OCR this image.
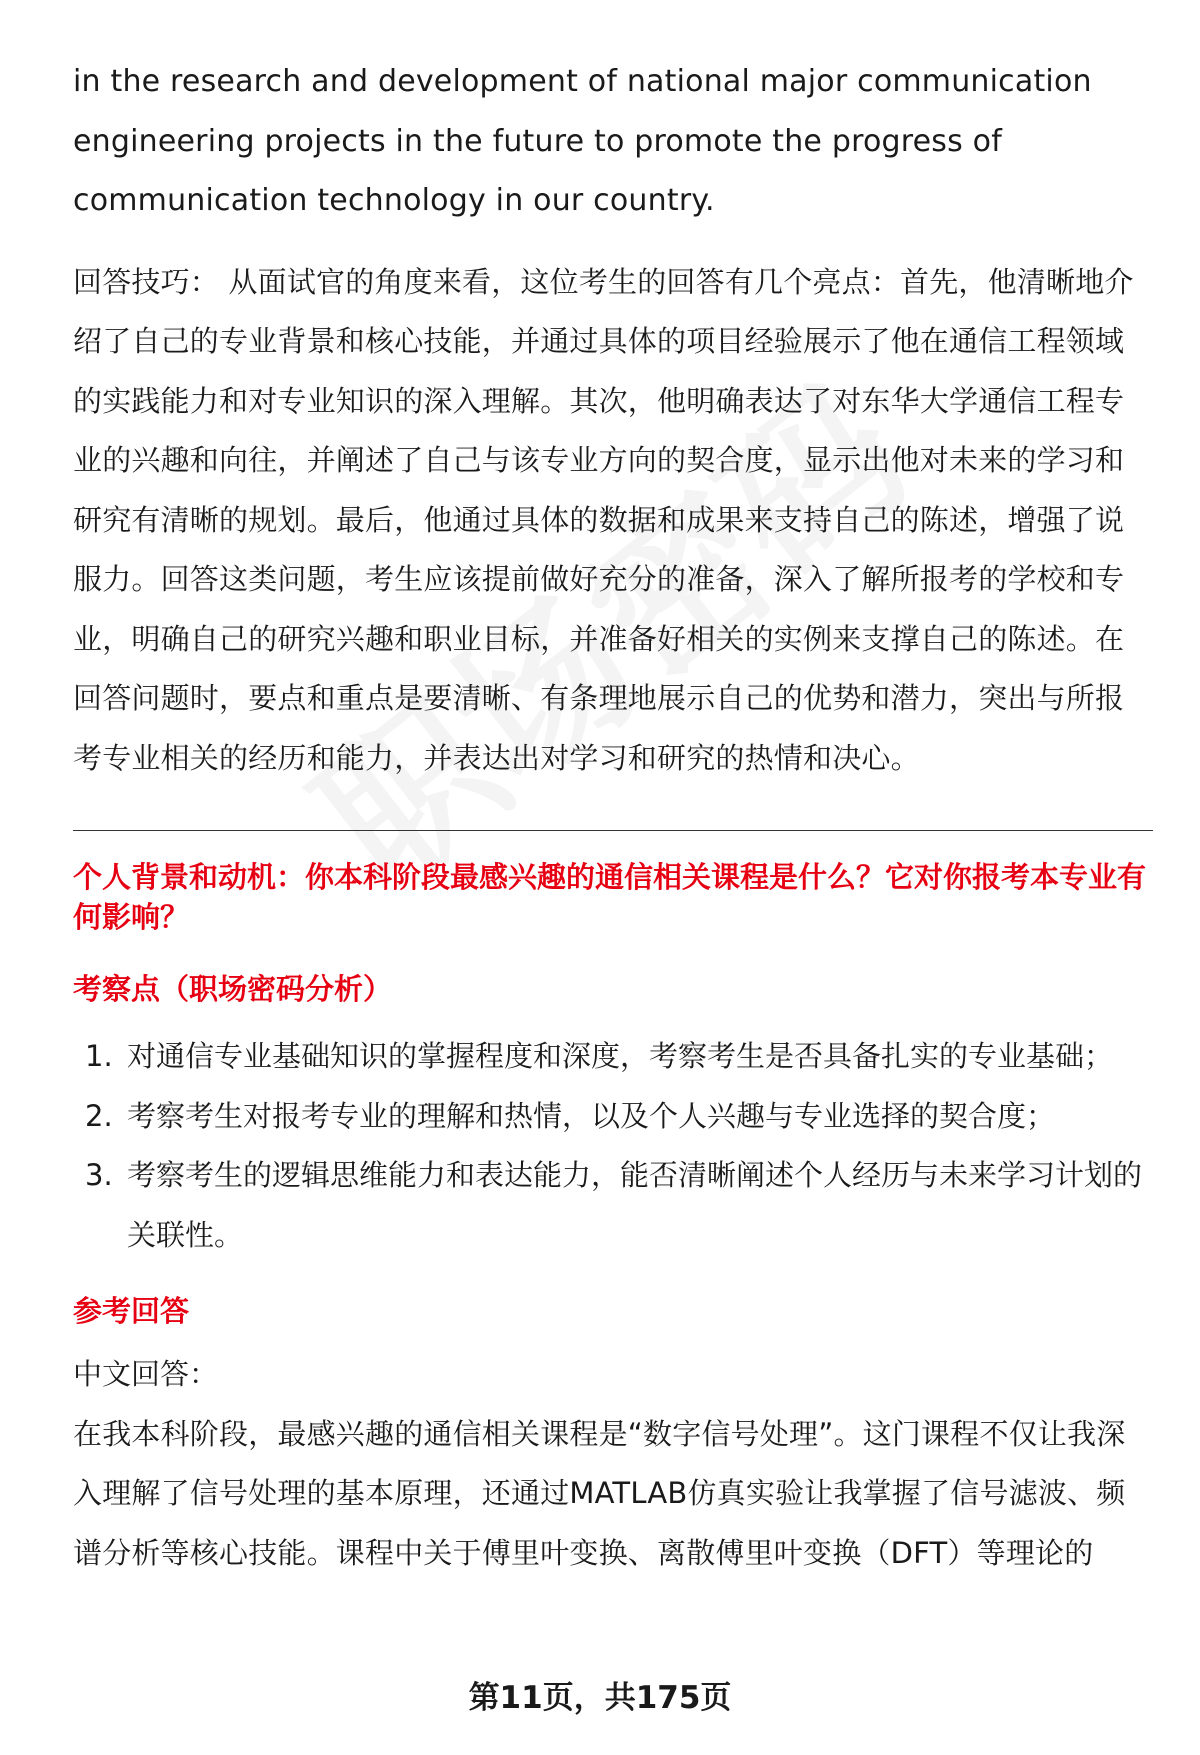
in the research and development of national major communication engineering projects in the future to promote the progress of communication technology in our country.

回答技巧： 从面试官的角度来看，这位考生的回答有几个亮点：首先，他清晰地介绍了自己的专业背景和核心技能，并通过具体的项目经验展示了他在通信工程领域的实践能力和对专业知识的深入理解。其次，他明确表达了对东华大学通信工程专业的兴趣和向往，并阐述了自己与该专业方向的契合度，显示出他对未来的学习和研究有清晰的规划。最后，他通过具体的数据和成果来支持自己的陈述，增强了说服力。回答这类问题，考生应该提前做好充分的准备，深入了解所报考的学校和专业，明确自己的研究兴趣和职业目标，并准备好相关的实例来支撑自己的陈述。在回答问题时，要点和重点是要清晰、有条理地展示自己的优势和潜力，突出与所报考专业相关的经历和能力，并表达出对学习和研究的热情和决心。

个人背景和动机：你本科阶段最感兴趣的通信相关课程是什么？它对你报考本专业有何影响？

考察点（职场密码分析）
1. 对通信专业基础知识的掌握程度和深度，考察考生是否具备扎实的专业基础；
2. 考察考生对报考专业的理解和热情，以及个人兴趣与专业选择的契合度；
3. 考察考生的逻辑思维能力和表达能力，能否清晰阐述个人经历与未来学习计划的关联性。
参考回答

中文回答：

在我本科阶段，最感兴趣的通信相关课程是“数字信号处理”。这门课程不仅让我深入理解了信号处理的基本原理，还通过MATLAB仿真实验让我掌握了信号滤波、频谱分析等核心技能。课程中关于傅里叶变换、离散傅里叶变换（DFT）等理论的

第11页，共175页
